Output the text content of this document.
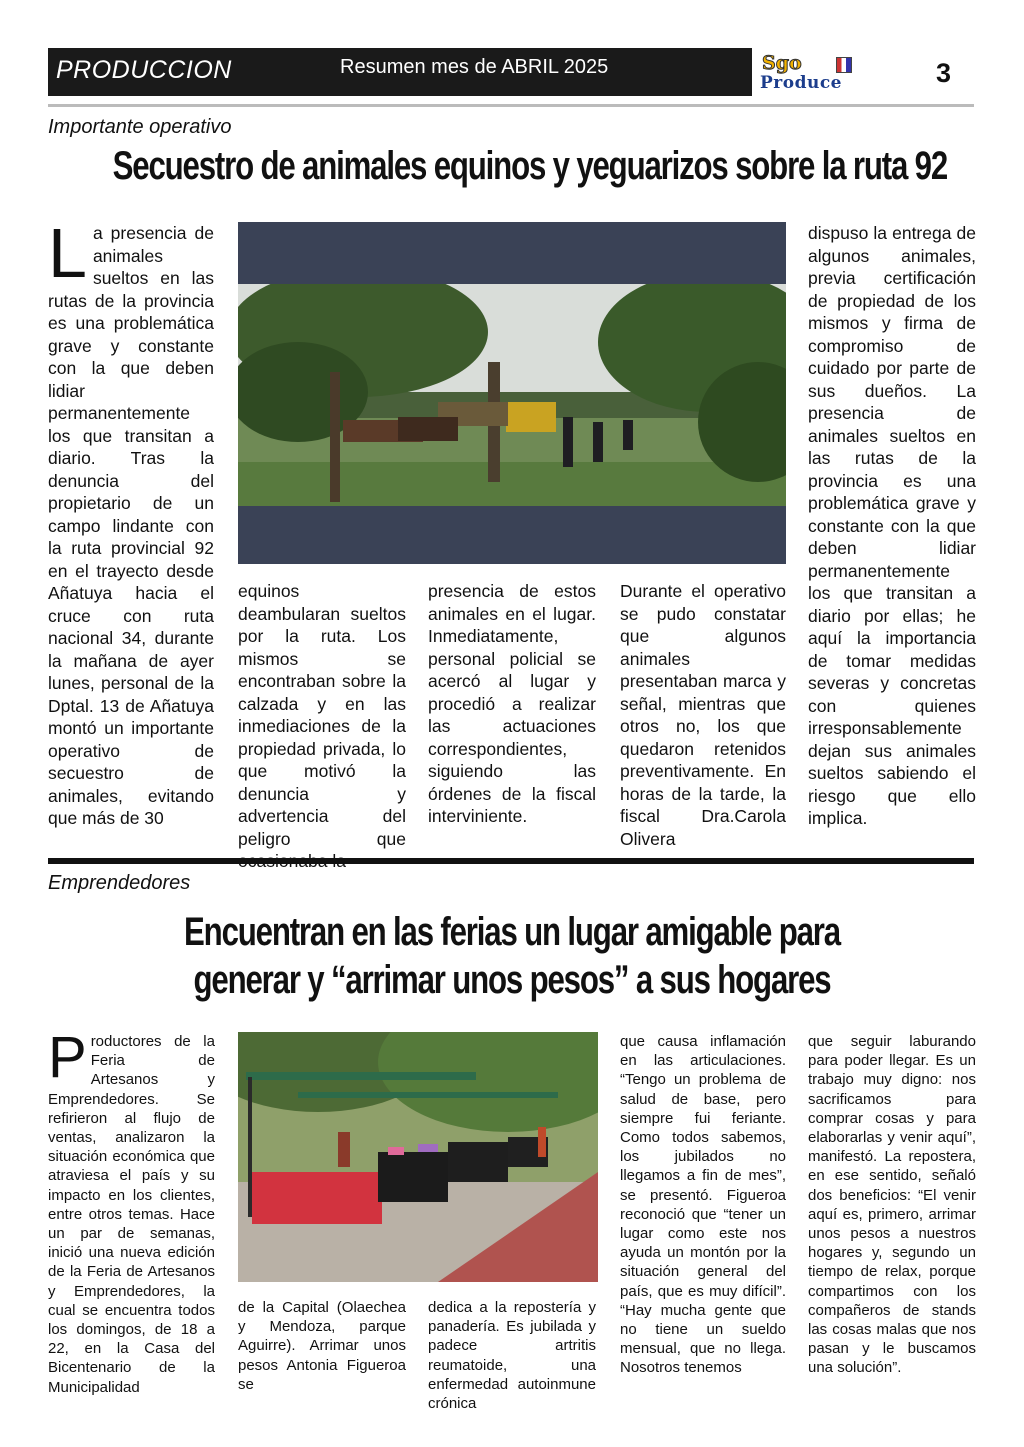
PRODUCCION	Resumen mes de ABRIL 2025	Sgo
Produce	3
Importante operativo
Secuestro de animales equinos y yeguarizos sobre la ruta 92
L a presencia de animales sueltos en las rutas de la provincia es una problemática grave y constante con la que deben lidiar permanentemente los que transitan a diario. Tras la denuncia del propietario de un campo lindante con la ruta provincial 92 en el trayecto desde Añatuya hacia el cruce con ruta nacional 34, durante la mañana de ayer lunes, personal de la Dptal. 13 de Añatuya montó un importante operativo de secuestro de animales, evitando que más de 30
equinos deambularan sueltos por la ruta. Los mismos se encontraban sobre la calzada y en las inmediaciones de la propiedad privada, lo que motivó la denuncia y advertencia del peligro que
presencia de estos animales en el lugar. Inmediatamente, personal policial se acercó al lugar y procedió a realizar las actuaciones correspondientes, siguiendo las órdenes de la fiscal interviniente.
Durante el operativo se pudo constatar que algunos animales presentaban marca y señal, mientras que otros no, los que quedaron retenidos preventivamente. En horas de la tarde, la fiscal Dra.Carola Olivera
dispuso la entrega de algunos animales, previa certificación de propiedad de los mismos y firma de compromiso de cuidado por parte de sus dueños. La presencia de animales sueltos en las rutas de la provincia es una problemática grave y constante con la que deben lidiar permanentemente los que transitan a diario por ellas; he aquí la importancia de tomar medidas severas y concretas con quienes irresponsablemente dejan sus animales sueltos sabiendo el riesgo que ello implica.
Emprendedores
Encuentran en las ferias un lugar amigable para
generar y “arrimar unos pesos” a sus hogares
P roductores de la Feria de Artesanos y Emprendedores. Se refirieron al flujo de ventas, analizaron la situación económica que atraviesa el país y su impacto en los clientes, entre otros temas. Hace un par de semanas, inició una nueva edición de la Feria de Artesanos y Emprendedores, la cual se encuentra todos los domingos, de 18 a 22, en la Casa del Bicentenario de la Municipalidad
de la Capital (Olaechea y Mendoza, parque Aguirre). Arrimar unos pesos Antonia Figueroa se
dedica a la repostería y panadería. Es jubilada y padece artritis reumatoide, una enfermedad autoinmune crónica
que causa inflamación en las articulaciones. “Tengo un problema de salud de base, pero siempre fui feriante. Como todos sabemos, los jubilados no llegamos a fin de mes”, se presentó. Figueroa reconoció que “tener un lugar como este nos ayuda un montón por la situación general del país, que es muy difícil”. “Hay mucha gente que no tiene un sueldo mensual, que no llega. Nosotros tenemos
que seguir laburando para poder llegar. Es un trabajo muy digno: nos sacrificamos para comprar cosas y para elaborarlas y venir aquí”, manifestó. La repostera, en ese sentido, señaló dos beneficios: “El venir aquí es, primero, arrimar unos pesos a nuestros hogares y, segundo un tiempo de relax, porque compartimos con los compañeros de stands las cosas malas que nos pasan y le buscamos una solución”.
